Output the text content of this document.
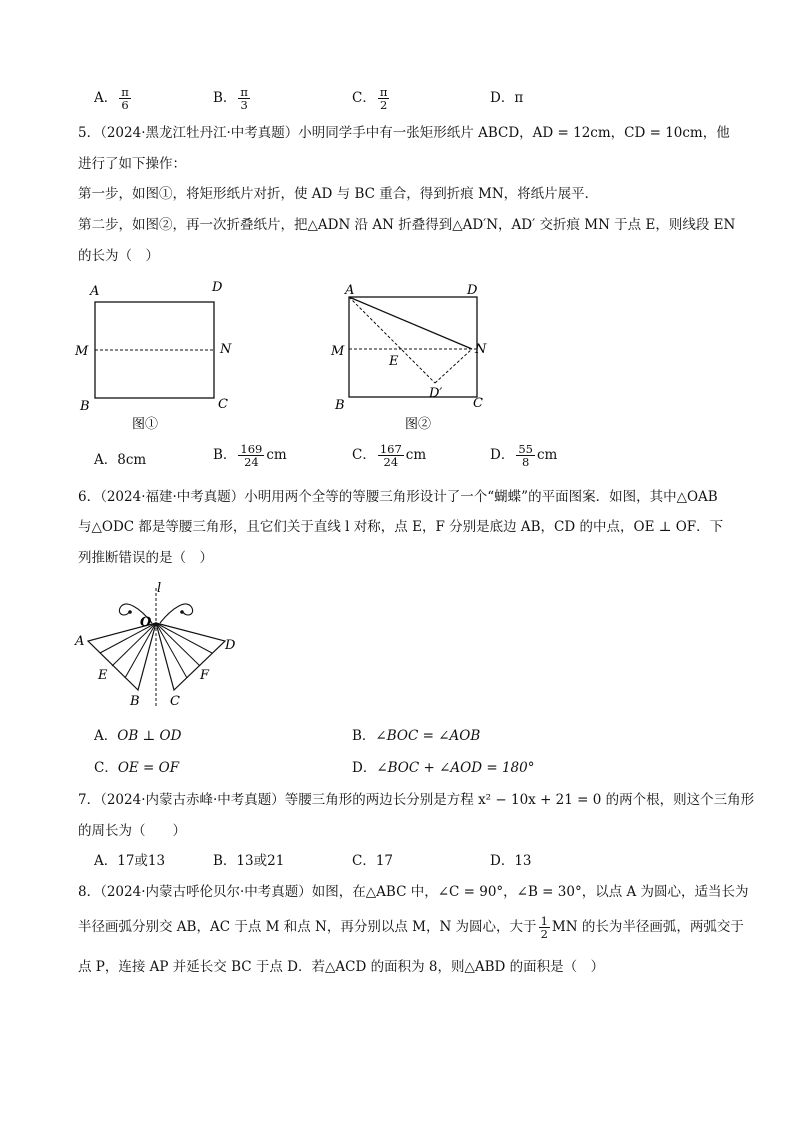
A． $\frac{\pi}{6}$	B． $\frac{\pi}{3}$	C． $\frac{\pi}{2}$	D．π
5．（2024·黑龙江牡丹江·中考真题）小明同学手中有一张矩形纸片 ABCD，AD = 12cm，CD = 10cm，他
进行了如下操作：
第一步，如图①，将矩形纸片对折，使 AD 与 BC 重合，得到折痕 MN，将纸片展平．
第二步，如图②，再一次折叠纸片，把△ADN 沿 AN 折叠得到△AD′N，AD′ 交折痕 MN 于点 E，则线段 EN
的长为（　）
A	D
M	N
B	C
图①
A	D
M	N
E
D′
B	C
图②
A．8cm	B． $\frac{169}{24}$ cm	C． $\frac{167}{24}$ cm	D． $\frac{55}{8}$ cm
6．（2024·福建·中考真题）小明用两个全等的等腰三角形设计了一个“蝴蝶”的平面图案．如图，其中△OAB
与△ODC 都是等腰三角形，且它们关于直线 l 对称，点 E，F 分别是底边 AB，CD 的中点，OE ⊥ OF．下
列推断错误的是（　）
l
O
A	D
E	F
B C
A．OB ⊥ OD	B．∠BOC = ∠AOB
C．OE = OF	D．∠BOC + ∠AOD = 180°
7．（2024·内蒙古赤峰·中考真题）等腰三角形的两边长分别是方程 x² − 10x + 21 = 0 的两个根，则这个三角形
的周长为（　　）
A．17或13	B．13或21	C．17	D．13
8．（2024·内蒙古呼伦贝尔·中考真题）如图，在△ABC 中，∠C = 90°，∠B = 30°，以点 A 为圆心，适当长为
半径画弧分别交 AB，AC 于点 M 和点 N，再分别以点 M，N 为圆心，大于 $\frac{1}{2}$ MN 的长为半径画弧，两弧交于
点 P，连接 AP 并延长交 BC 于点 D．若△ACD 的面积为 8，则△ABD 的面积是（　）
